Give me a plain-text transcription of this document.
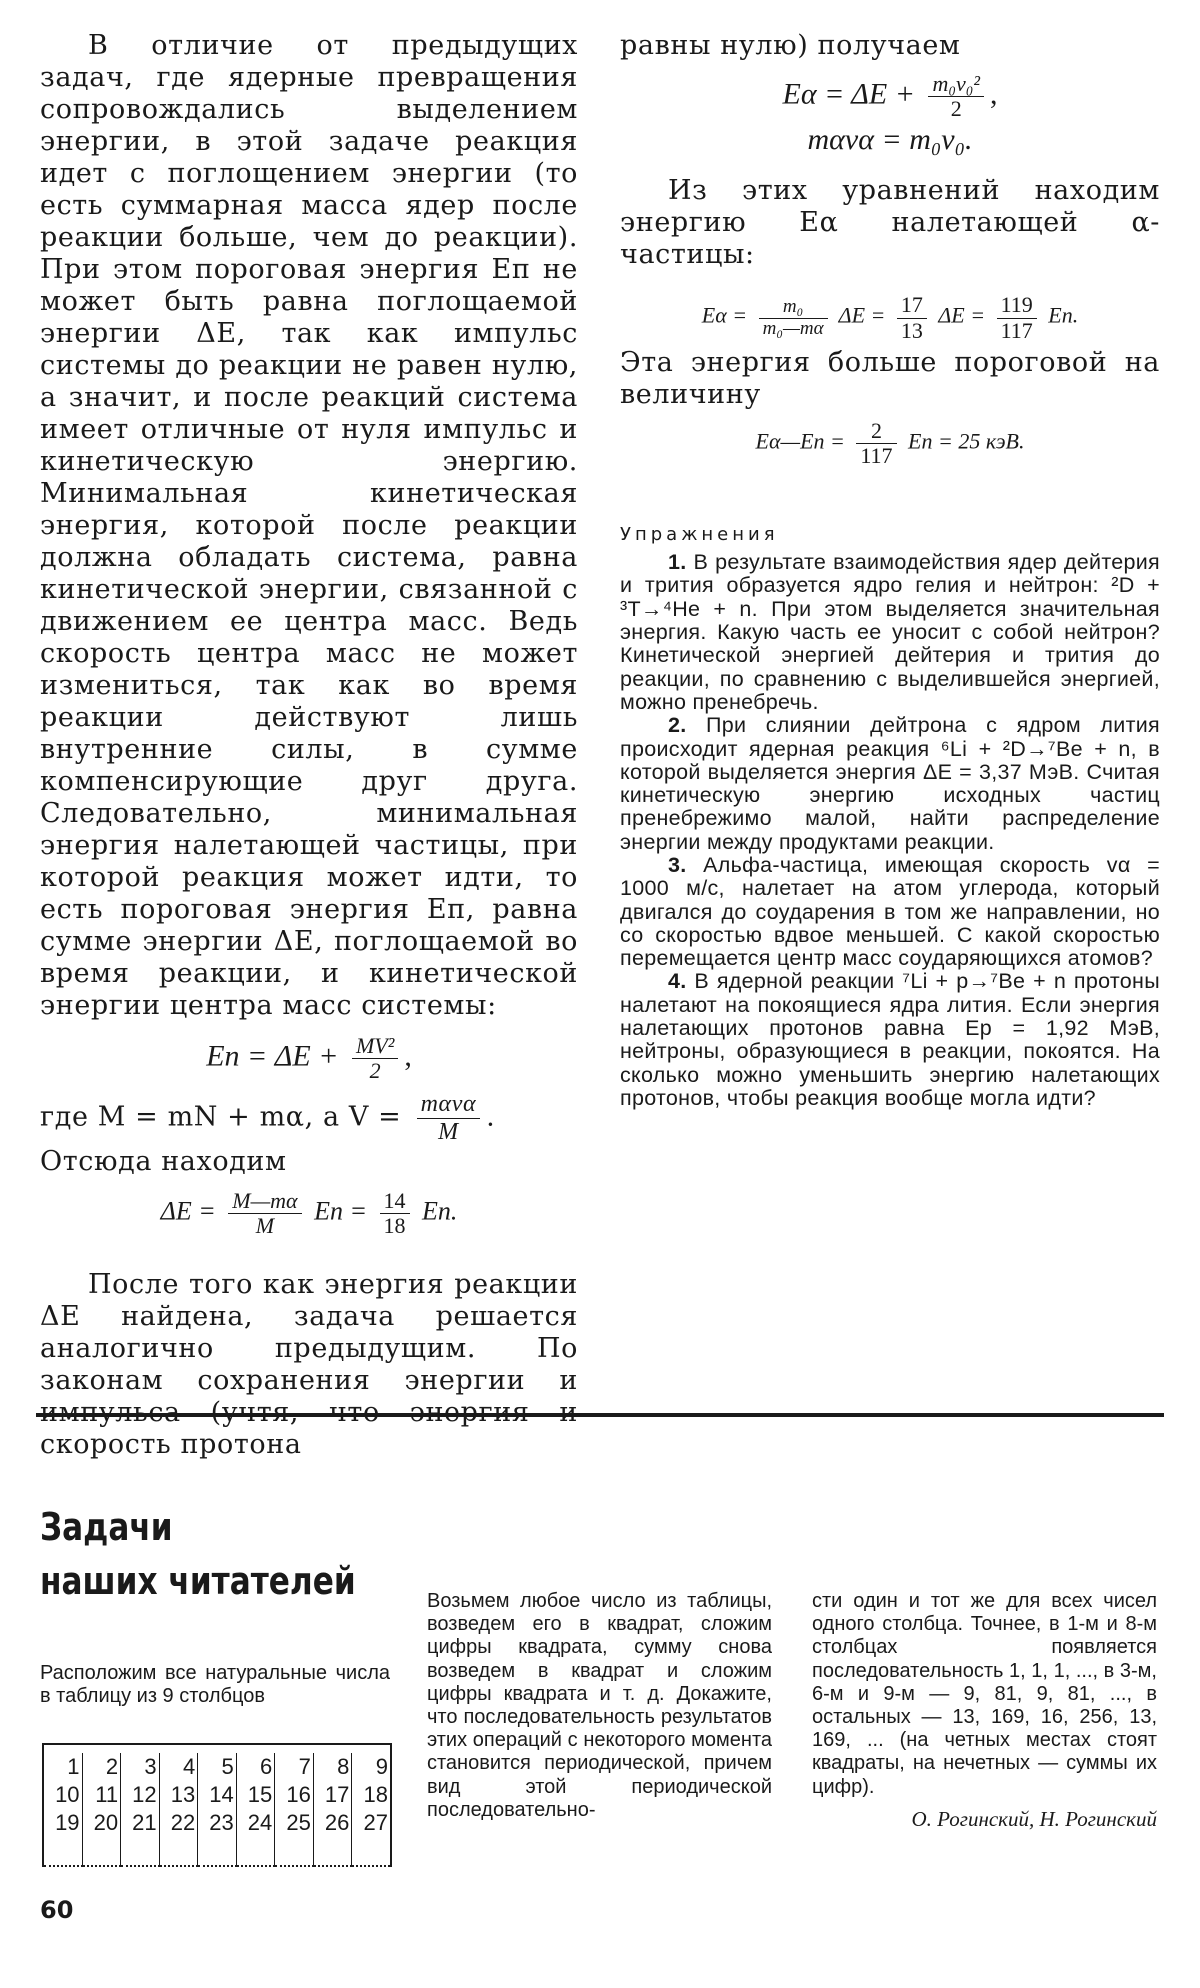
В отличие от предыдущих задач, где ядерные превращения сопровождались выделением энергии, в этой задаче реакция идет с поглощением энергии (то есть суммарная масса ядер после реакции больше, чем до реакции). При этом пороговая энергия Eп не может быть равна поглощаемой энергии ΔE, так как импульс системы до реакции не равен нулю, а значит, и после реакций система имеет отличные от нуля импульс и кинетическую энергию. Минимальная кинетическая энергия, которой после реакции должна обладать система, равна кинетической энергии, связанной с движением ее центра масс. Ведь скорость центра масс не может измениться, так как во время реакции действуют лишь внутренние силы, в сумме компенсирующие друг друга. Следовательно, минимальная энергия налетающей частицы, при которой реакция может идти, то есть пороговая энергия Eп, равна сумме энергии ΔE, поглощаемой во время реакции, и кинетической энергии центра масс системы:

Eп = $\Delta E + \frac{\text{MV²}}{2}$ ,
где M = mN + mα, а $V = \frac{\text{mαvα}}{M}$ . Отсюда находим
$\Delta E = \frac{M—m\alpha}{M}$ Eп = $\frac{14}{18}$ Eп.

После того как энергия реакции ΔE найдена, задача решается аналогично предыдущим. По законам сохранения энергии и скорость протона

равны нулю) получаем

$E\alpha = \Delta E + \frac{\text{m₀v₀²}}{2}$ ,
mαvα = m₀v₀.

Из этих уравнений находим энергию Eα налетающей α-частицы:

$E\alpha = \frac{\text{m₀}}{\text{m₀—mα}}$ $\Delta E = \frac{17}{13}$ $\Delta E = \frac{119}{117}$ Eп.

Эта энергия больше пороговой на величину

Eα—Eп = $\frac{2}{117}$ Eп = 25 кэВ.
Упражнения

1. В результате взаимодействия ядер дейтерия и трития образуется ядро гелия и нейтрон: ²D + ³T→⁴He + n. При этом выделяется значительная энергия. Какую часть ее уносит с собой нейтрон? Кинетической энергией дейтерия и трития до реакции, по сравнению с выделившейся энергией, можно пренебречь.

2. При слиянии дейтрона с ядром лития происходит ядерная реакция ⁶Li + ²D→⁷Be + n, в которой выделяется энергия ΔE = 3,37 МэВ. Считая кинетическую энергию исходных частиц пренебрежимо малой, найти распределение энергии между продуктами реакции.

3. Альфа-частица, имеющая скорость vα = 1000 м/с, налетает на атом углерода, который двигался до соударения в том же направлении, но со скоростью вдвое меньшей. С какой скоростью перемещается центр масс соударяющихся атомов?

4. В ядерной реакции ⁷Li + p→⁷Be + n протоны налетают на покоящиеся ядра лития. Если энергия налетающих протонов равна Ep = 1,92 МэВ, нейтроны, образующиеся в реакции, покоятся. На сколько можно уменьшить энергию налетающих протонов, чтобы реакция вообще могла идти?

Задачи
наших читателей

Расположим все натуральные числа в таблицу из 9 столбцов

1	2	3	4	5	6	7	8	9
10	11	12	13	14	15	16	17	18
19	20	21	22	23	24	25	26	27

Возьмем любое число из таблицы, возведем его в квадрат, сложим цифры квадрата, сумму снова возведем в квадрат и сложим цифры квадрата и т. д. Докажите, что последовательность результатов этих операций с некоторого момента становится периодической, причем вид этой периодической последовательно-

сти один и тот же для всех чисел одного столбца. Точнее, в 1-м и 8-м столбцах появляется последовательность 1, 1, 1, ..., в 3-м, 6-м и 9-м — 9, 81, 9, 81, ..., в остальных — 13, 169, 16, 256, 13, 169, ... (на четных местах стоят квадраты, на нечетных — суммы их цифр).

О. Рогинский, Н. Рогинский
60
